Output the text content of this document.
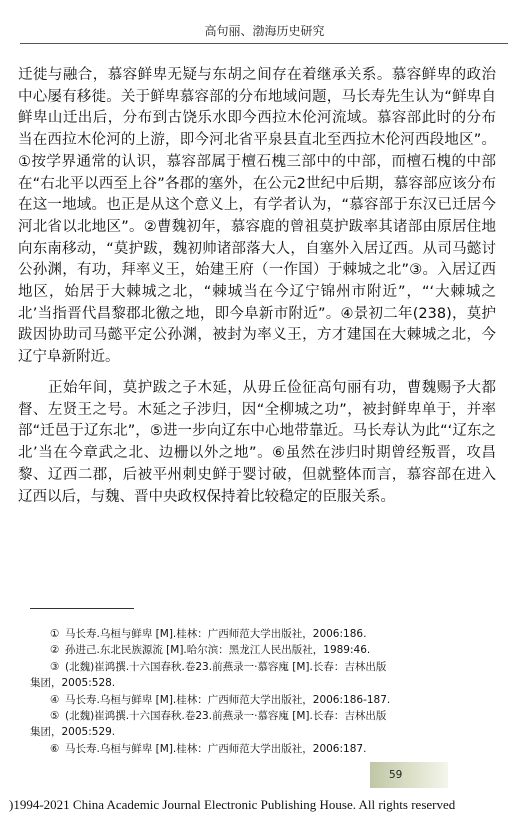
高句丽、渤海历史研究

迁徙与融合，慕容鲜卑无疑与东胡之间存在着继承关系。慕容鲜卑的政治中心屡有移徙。关于鲜卑慕容部的分布地域问题，马长寿先生认为“鲜卑自鲜卑山迁出后，分布到古饶乐水即今西拉木伦河流域。慕容部此时的分布当在西拉木伦河的上游，即今河北省平泉县直北至西拉木伦河西段地区”。①按学界通常的认识，慕容部属于檀石槐三部中的中部，而檀石槐的中部在“右北平以西至上谷”各郡的塞外，在公元2世纪中后期，慕容部应该分布在这一地域。也正是从这个意义上，有学者认为，“慕容部于东汉已迁居今河北省以北地区”。②曹魏初年，慕容鹿的曾祖莫护跋率其诸部由原居住地向东南移动，“莫护跋，魏初帅诸部落大人，自塞外入居辽西。从司马懿讨公孙渊，有功，拜率义王，始建王府（一作国）于棘城之北”③。入居辽西地区，始居于大棘城之北，“棘城当在今辽宁锦州市附近”，“‘大棘城之北’当指晋代昌黎郡北徼之地，即今阜新市附近”。④景初二年(238)，莫护跋因协助司马懿平定公孙渊，被封为率义王，方才建国在大棘城之北，今辽宁阜新附近。

正始年间，莫护跋之子木延，从毋丘俭征高句丽有功，曹魏赐予大都督、左贤王之号。木延之子涉归，因“全柳城之功”，被封鲜卑单于，并率部“迁邑于辽东北”，⑤进一步向辽东中心地带靠近。马长寿认为此“‘辽东之北’当在今章武之北、边栅以外之地”。⑥虽然在涉归时期曾经叛晋，攻昌黎、辽西二郡，后被平州刺史鲜于婴讨破，但就整体而言，慕容部在进入辽西以后，与魏、晋中央政权保持着比较稳定的臣服关系。

① 马长寿.乌桓与鲜卑 [M].桂林：广西师范大学出版社，2006:186.
② 孙进己.东北民族源流 [M].哈尔滨：黑龙江人民出版社，1989:46.
③ (北魏)崔鸿撰.十六国春秋.卷23.前燕录一·慕容廆 [M].长春：吉林出版
集团，2005:528.
④ 马长寿.乌桓与鲜卑 [M].桂林：广西师范大学出版社，2006:186-187.
⑤ (北魏)崔鸿撰.十六国春秋.卷23.前燕录一·慕容廆 [M].长春：吉林出版
集团，2005:529.
⑥ 马长寿.乌桓与鲜卑 [M].桂林：广西师范大学出版社，2006:187.
59
)1994-2021 China Academic Journal Electronic Publishing House. All rights reserved
